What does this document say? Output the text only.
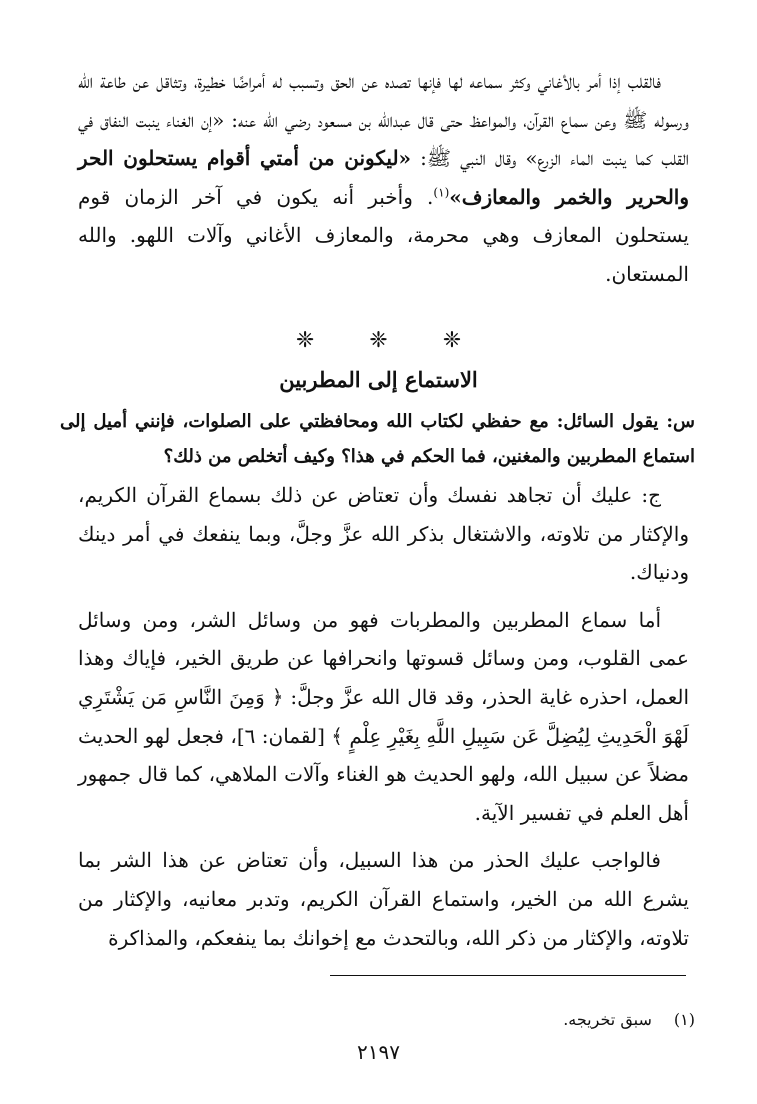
فالقلب إذا أمر بالأغاني وكثر سماعه لها فإنها تصده عن الحق وتسبب له أمراضًا خطيرة، وتثاقل عن طاعة الله ورسوله ﷺ وعن سماع القرآن، والمواعظ حتى قال عبدالله بن مسعود رضي الله عنه: «إن الغناء ينبت النفاق في القلب كما ينبت الماء الزرع» وقال النبي ﷺ: «ليكونن من أمتي أقوام يستحلون الحر والحرير والخمر والمعازف»$^{(١)}$. وأخبر أنه يكون في آخر الزمان قوم يستحلون المعازف وهي محرمة، والمعازف الأغاني وآلات اللهو. والله المستعان.

❈ ❈ ❈
الاستماع إلى المطربين

س: يقول السائل: مع حفظي لكتاب الله ومحافظتي على الصلوات، فإنني أميل إلى استماع المطربين والمغنين، فما الحكم في هذا؟ وكيف أتخلص من ذلك؟

ج: عليك أن تجاهد نفسك وأن تعتاض عن ذلك بسماع القرآن الكريم، والإكثار من تلاوته، والاشتغال بذكر الله عزَّ وجلَّ، وبما ينفعك في أمر دينك ودنياك.

أما سماع المطربين والمطربات فهو من وسائل الشر، ومن وسائل عمى القلوب، ومن وسائل قسوتها وانحرافها عن طريق الخير، فإياك وهذا العمل، احذره غاية الحذر، وقد قال الله عزَّ وجلَّ: ﴿ وَمِنَ النَّاسِ مَن يَشْتَرِي لَهْوَ الْحَدِيثِ لِيُضِلَّ عَن سَبِيلِ اللَّهِ بِغَيْرِ عِلْمٍ ﴾ [لقمان: ٦]، فجعل لهو الحديث مضلاً عن سبيل الله، ولهو الحديث هو الغناء وآلات الملاهي، كما قال جمهور أهل العلم في تفسير الآية.

فالواجب عليك الحذر من هذا السبيل، وأن تعتاض عن هذا الشر بما يشرع الله من الخير، واستماع القرآن الكريم، وتدبر معانيه، والإكثار من تلاوته، والإكثار من ذكر الله، وبالتحدث مع إخوانك بما ينفعكم، والمذاكرة

(١)سبق تخريجه.
٢١٩٧
